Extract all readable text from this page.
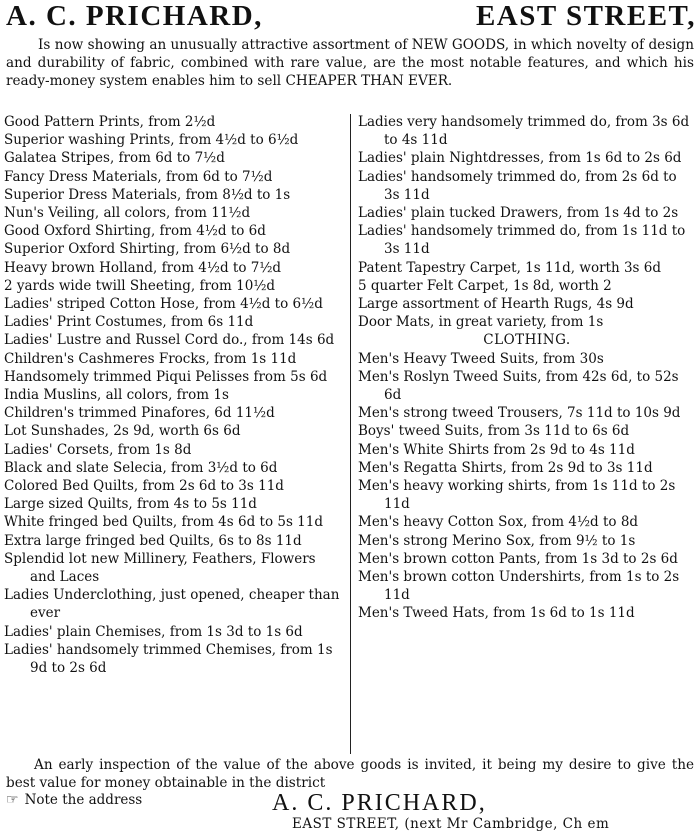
A. C. PRICHARD,	EAST STREET,
Is now showing an unusually attractive assortment of NEW GOODS, in which novelty of design and durability of fabric, combined with rare value, are the most notable features, and which his ready-money system enables him to sell CHEAPER THAN EVER.
Good Pattern Prints, from 2½d
Superior washing Prints, from 4½d to 6½d
Galatea Stripes, from 6d to 7½d
Fancy Dress Materials, from 6d to 7½d
Superior Dress Materials, from 8½d to 1s
Nun's Veiling, all colors, from 11½d
Good Oxford Shirting, from 4½d to 6d
Superior Oxford Shirting, from 6½d to 8d
Heavy brown Holland, from 4½d to 7½d
2 yards wide twill Sheeting, from 10½d
Ladies' striped Cotton Hose, from 4½d to 6½d
Ladies' Print Costumes, from 6s 11d
Ladies' Lustre and Russel Cord do., from 14s 6d
Children's Cashmeres Frocks, from 1s 11d
Handsomely trimmed Piqui Pelisses from 5s 6d
India Muslins, all colors, from 1s
Children's trimmed Pinafores, 6d 11½d
Lot Sunshades, 2s 9d, worth 6s 6d
Ladies' Corsets, from 1s 8d
Black and slate Selecia, from 3½d to 6d
Colored Bed Quilts, from 2s 6d to 3s 11d
Large sized Quilts, from 4s to 5s 11d
White fringed bed Quilts, from 4s 6d to 5s 11d
Extra large fringed bed Quilts, 6s to 8s 11d
Splendid lot new Millinery, Feathers, Flowers and Laces
Ladies Underclothing, just opened, cheaper than ever
Ladies' plain Chemises, from 1s 3d to 1s 6d
Ladies' handsomely trimmed Chemises, from 1s 9d to 2s 6d
Ladies very handsomely trimmed do, from 3s 6d to 4s 11d
Ladies' plain Nightdresses, from 1s 6d to 2s 6d
Ladies' handsomely trimmed do, from 2s 6d to 3s 11d
Ladies' plain tucked Drawers, from 1s 4d to 2s
Ladies' handsomely trimmed do, from 1s 11d to 3s 11d
Patent Tapestry Carpet, 1s 11d, worth 3s 6d
5 quarter Felt Carpet, 1s 8d, worth 2
Large assortment of Hearth Rugs, 4s 9d
Door Mats, in great variety, from 1s
CLOTHING.
Men's Heavy Tweed Suits, from 30s
Men's Roslyn Tweed Suits, from 42s 6d, to 52s 6d
Men's strong tweed Trousers, 7s 11d to 10s 9d
Boys' tweed Suits, from 3s 11d to 6s 6d
Men's White Shirts from 2s 9d to 4s 11d
Men's Regatta Shirts, from 2s 9d to 3s 11d
Men's heavy working shirts, from 1s 11d to 2s 11d
Men's heavy Cotton Sox, from 4½d to 8d
Men's strong Merino Sox, from 9½ to 1s
Men's brown cotton Pants, from 1s 3d to 2s 6d
Men's brown cotton Undershirts, from 1s to 2s 11d
Men's Tweed Hats, from 1s 6d to 1s 11d
An early inspection of the value of the above goods is invited, it being my desire to give the best value for money obtainable in the district
☞ Note the address	A. C. PRICHARD,
EAST STREET, (next Mr Cambridge, Ch em
